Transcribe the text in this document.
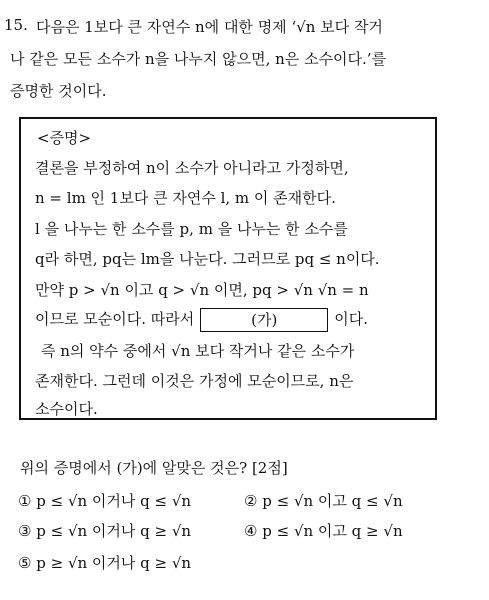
15. 다음은 1보다 큰 자연수 n에 대한 명제 ‘√n 보다 작거
나 같은 모든 소수가 n을 나누지 않으면, n은 소수이다.’를
증명한 것이다.
<증명>
결론을 부정하여 n이 소수가 아니라고 가정하면,
n = lm 인 1보다 큰 자연수 l, m 이 존재한다.
l 을 나누는 한 소수를 p, m 을 나누는 한 소수를
q라 하면, pq는 lm을 나눈다. 그러므로 pq ≤ n이다.
만약 p > √n 이고 q > √n 이면, pq > √n √n = n
이므로 모순이다. 따라서	(가)	이다.
즉 n의 약수 중에서 √n 보다 작거나 같은 소수가
존재한다. 그런데 이것은 가정에 모순이므로, n은
소수이다.
위의 증명에서 (가)에 알맞은 것은? [2점]
① p ≤ √n 이거나 q ≤ √n	② p ≤ √n 이고 q ≤ √n
③ p ≤ √n 이거나 q ≥ √n	④ p ≤ √n 이고 q ≥ √n
⑤ p ≥ √n 이거나 q ≥ √n
